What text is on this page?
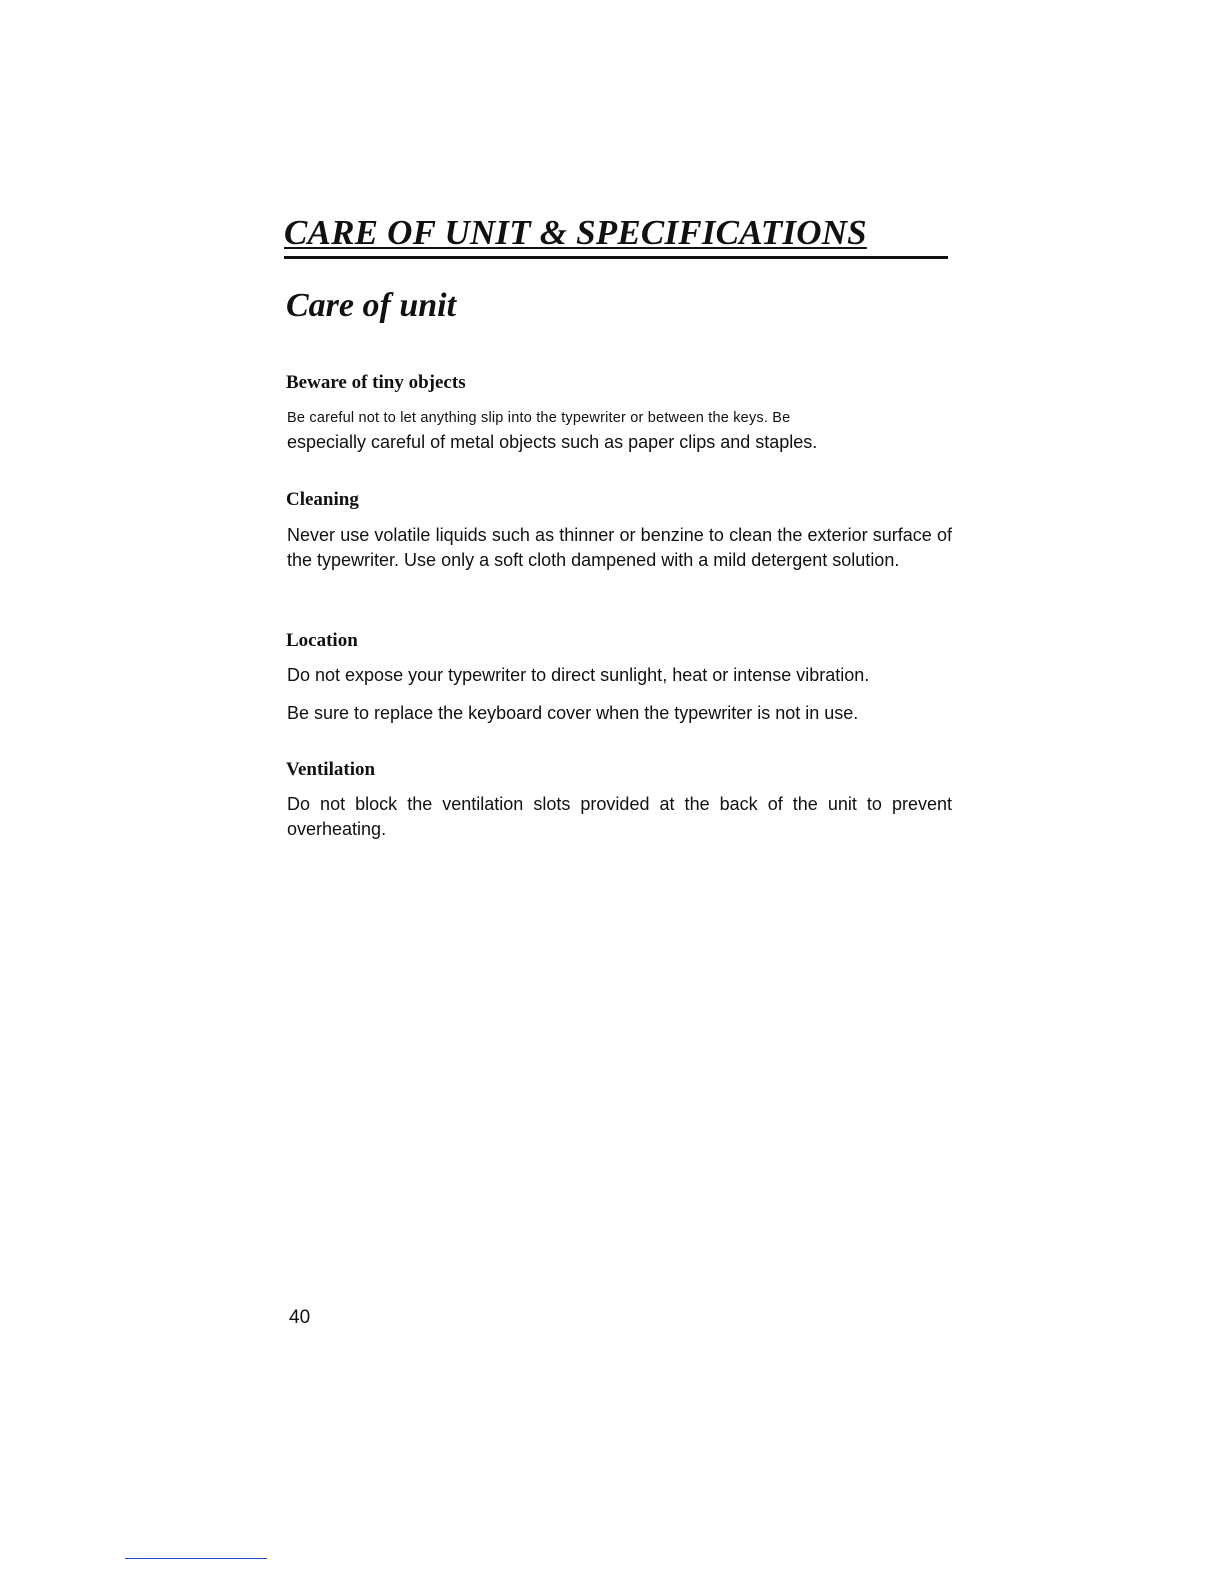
CARE OF UNIT & SPECIFICATIONS
Care of unit
Beware of tiny objects

Be careful not to let anything slip into the typewriter or between the keys. Be

especially careful of metal objects such as paper clips and staples.

Cleaning

Never use volatile liquids such as thinner or benzine to clean the exterior surface of the typewriter. Use only a soft cloth dampened with a mild detergent solution.

Location

Do not expose your typewriter to direct sunlight, heat or intense vibration.

Be sure to replace the keyboard cover when the typewriter is not in use.

Ventilation

Do not block the ventilation slots provided at the back of the unit to prevent overheating.

40
